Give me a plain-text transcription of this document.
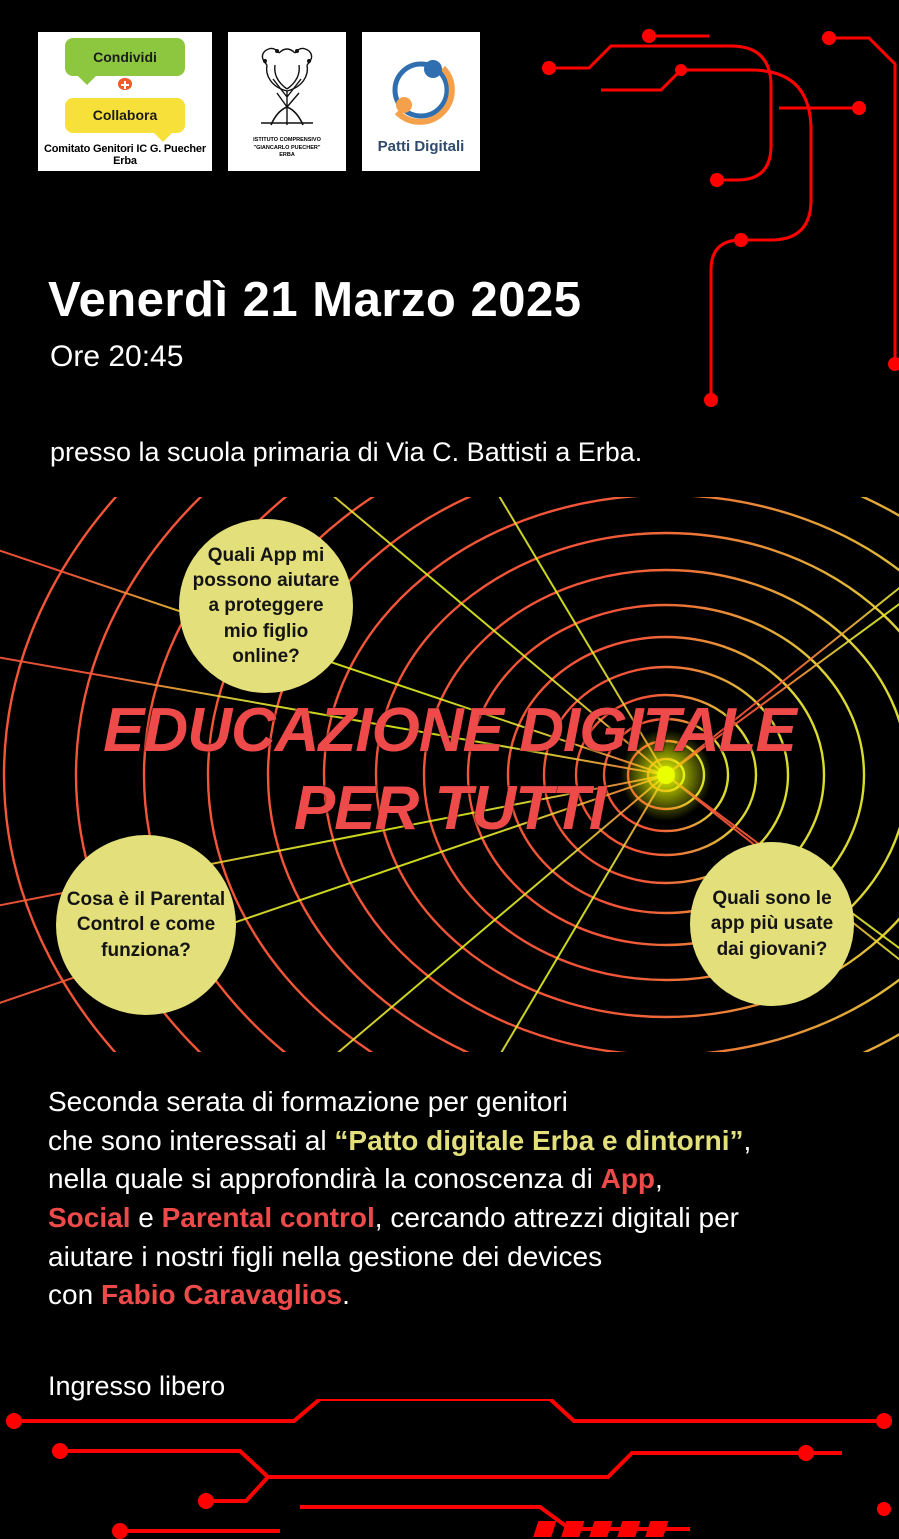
Condividi
Collabora
Comitato Genitori IC G. Puecher Erba
ISTITUTO COMPRENSIVO
"GIANCARLO PUECHER"
ERBA
Patti Digitali
Venerdì 21 Marzo 2025
Ore 20:45
presso la scuola primaria di Via C. Battisti a Erba.
EDUCAZIONE DIGITALE
PER TUTTI
Quali App mi possono aiutare a proteggere mio figlio online?
Cosa è il Parental Control e come funziona?
Quali sono le app più usate dai giovani?
Seconda serata di formazione per genitori
che sono interessati al “Patto digitale Erba e dintorni”,
nella quale si approfondirà la conoscenza di App,
Social e Parental control, cercando attrezzi digitali per
aiutare i nostri figli nella gestione dei devices
con Fabio Caravaglios.
Ingresso libero
